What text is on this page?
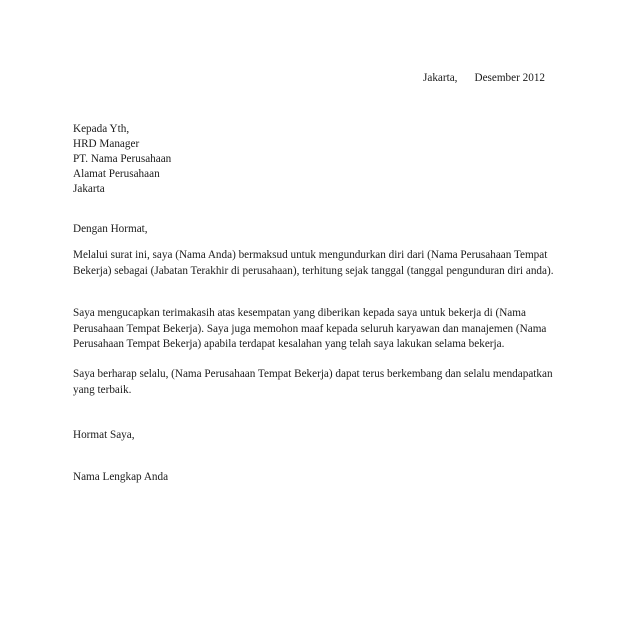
Jakarta, Desember 2012
Kepada Yth,
HRD Manager
PT. Nama Perusahaan
Alamat Perusahaan
Jakarta
Dengan Hormat,
Melalui surat ini, saya (Nama Anda) bermaksud untuk mengundurkan diri dari (Nama Perusahaan Tempat Bekerja) sebagai (Jabatan Terakhir di perusahaan), terhitung sejak tanggal (tanggal pengunduran diri anda).
Saya mengucapkan terimakasih atas kesempatan yang diberikan kepada saya untuk bekerja di (Nama Perusahaan Tempat Bekerja). Saya juga memohon maaf kepada seluruh karyawan dan manajemen (Nama Perusahaan Tempat Bekerja) apabila terdapat kesalahan yang telah saya lakukan selama bekerja.
Saya berharap selalu, (Nama Perusahaan Tempat Bekerja) dapat terus berkembang dan selalu mendapatkan yang terbaik.
Hormat Saya,
Nama Lengkap Anda
